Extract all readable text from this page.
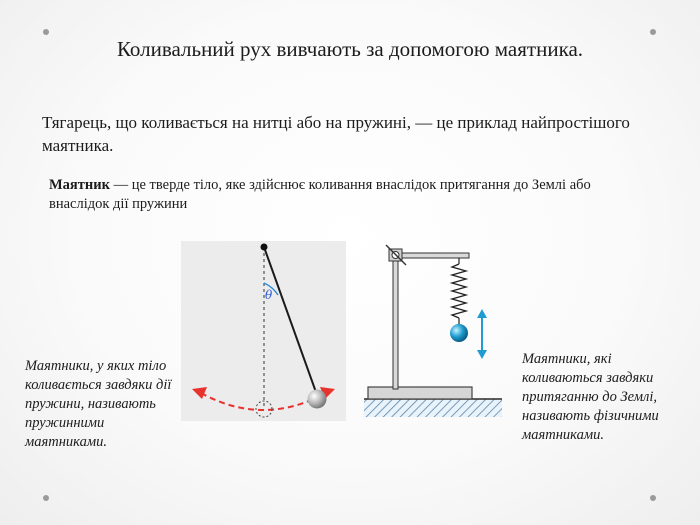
Коливальний рух вивчають за допомогою маятника.
Тягарець, що коливається на нитці або на пружині, — це приклад найпростішого маятника.
Маятник — це тверде тіло, яке здійснює коливання внаслідок притягання до Землі або внаслідок дії пружини
θ
Маятники, у яких тіло коливається завдяки дії пружини, називають пружинними маятниками.
Маятники, які коливаються завдяки притяганню до Землі, називають фізичними маятниками.
